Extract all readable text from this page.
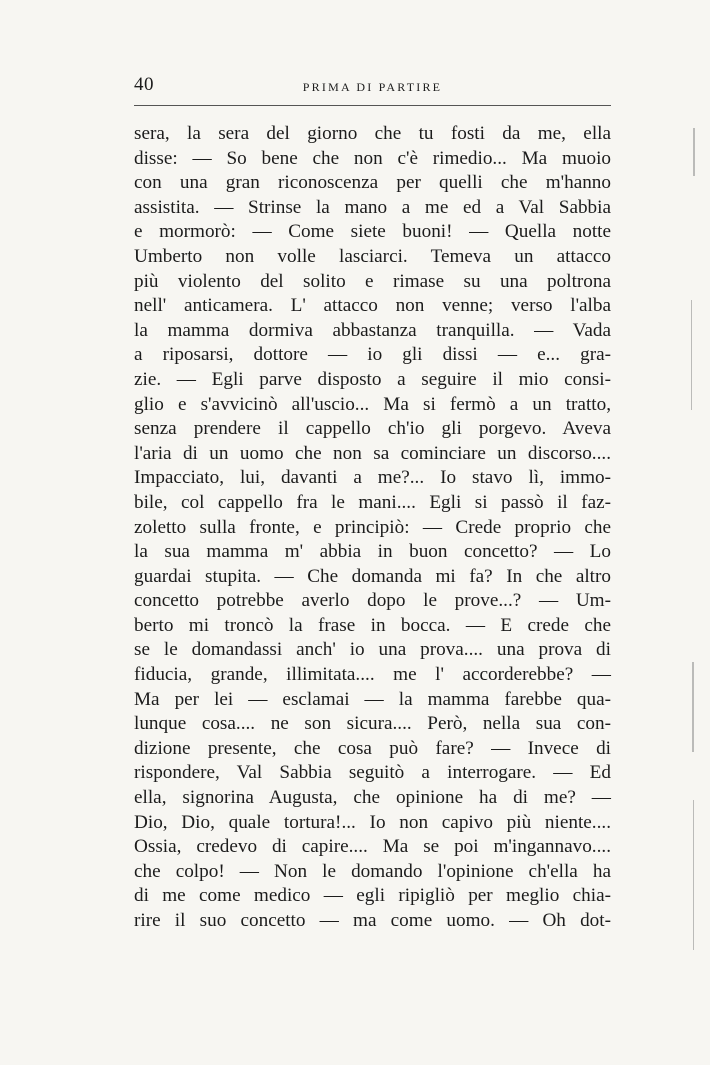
40	PRIMA DI PARTIRE
sera, la sera del giorno che tu fosti da me, ella
disse: — So bene che non c'è rimedio... Ma muoio
con una gran riconoscenza per quelli che m'hanno
assistita. — Strinse la mano a me ed a Val Sabbia
e mormorò: — Come siete buoni! — Quella notte
Umberto non volle lasciarci. Temeva un attacco
più violento del solito e rimase su una poltrona
nell' anticamera. L' attacco non venne; verso l'alba
la mamma dormiva abbastanza tranquilla. — Vada
a riposarsi, dottore — io gli dissi — e... gra-
zie. — Egli parve disposto a seguire il mio consi-
glio e s'avvicinò all'uscio... Ma si fermò a un tratto,
senza prendere il cappello ch'io gli porgevo. Aveva
l'aria di un uomo che non sa cominciare un discorso....
Impacciato, lui, davanti a me?... Io stavo lì, immo-
bile, col cappello fra le mani.... Egli si passò il faz-
zoletto sulla fronte, e principiò: — Crede proprio che
la sua mamma m' abbia in buon concetto? — Lo
guardai stupita. — Che domanda mi fa? In che altro
concetto potrebbe averlo dopo le prove...? — Um-
berto mi troncò la frase in bocca. — E crede che
se le domandassi anch' io una prova.... una prova di
fiducia, grande, illimitata.... me l' accorderebbe? —
Ma per lei — esclamai — la mamma farebbe qua-
lunque cosa.... ne son sicura.... Però, nella sua con-
dizione presente, che cosa può fare? — Invece di
rispondere, Val Sabbia seguitò a interrogare. — Ed
ella, signorina Augusta, che opinione ha di me? —
Dio, Dio, quale tortura!... Io non capivo più niente....
Ossia, credevo di capire.... Ma se poi m'ingannavo....
che colpo! — Non le domando l'opinione ch'ella ha
di me come medico — egli ripigliò per meglio chia-
rire il suo concetto — ma come uomo. — Oh dot-
